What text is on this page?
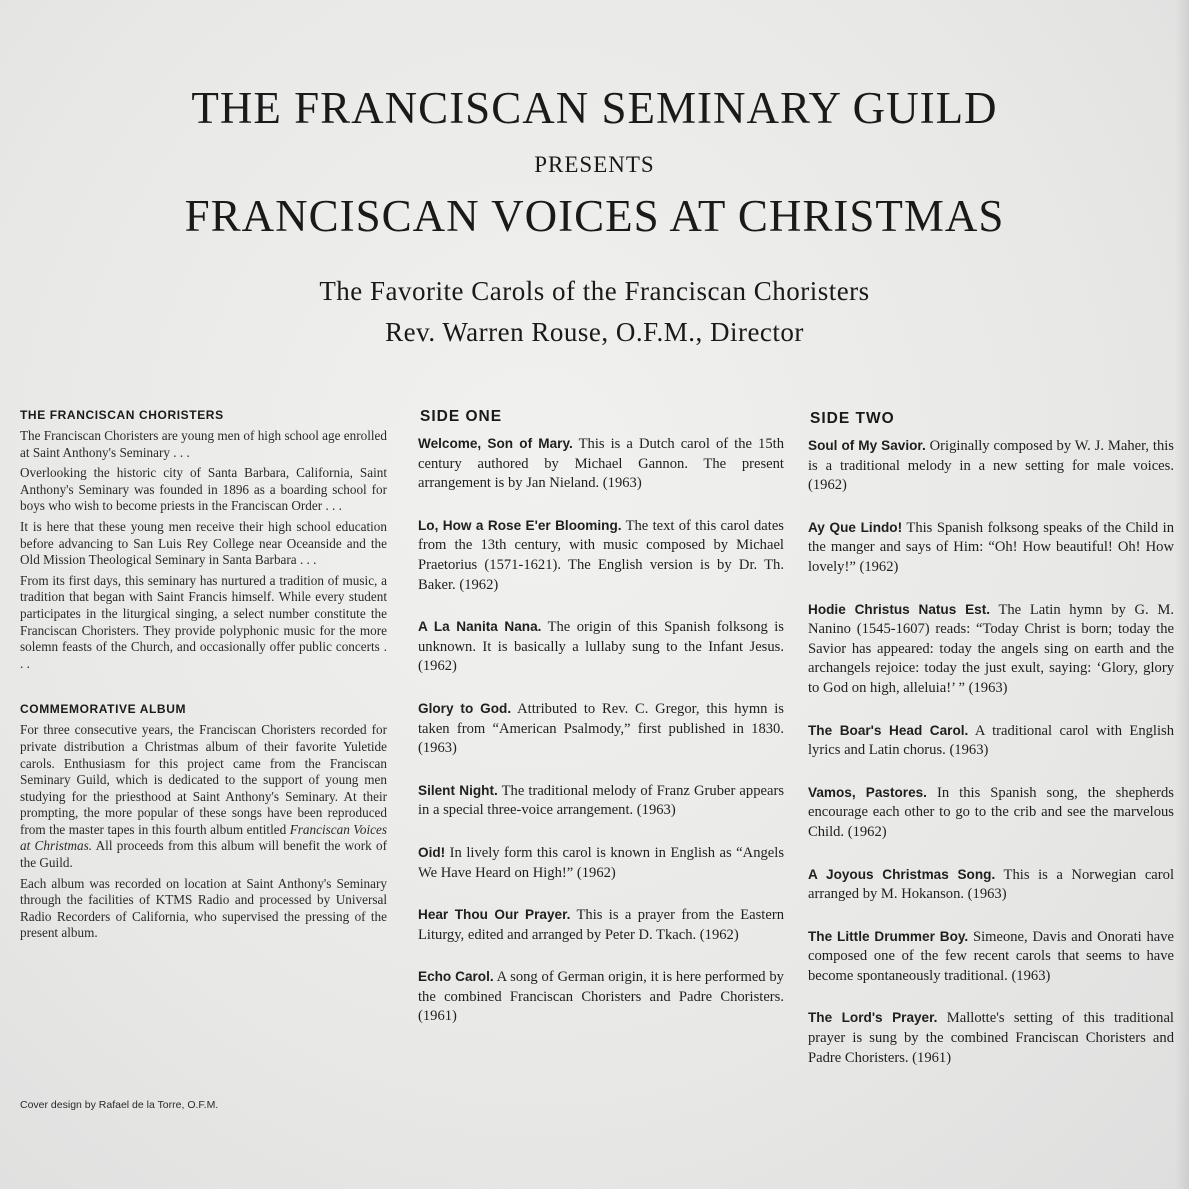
THE FRANCISCAN SEMINARY GUILD
PRESENTS
FRANCISCAN VOICES AT CHRISTMAS
The Favorite Carols of the Franciscan Choristers
Rev. Warren Rouse, O.F.M., Director
THE FRANCISCAN CHORISTERS

The Franciscan Choristers are young men of high school age enrolled at Saint Anthony's Seminary . . .

Overlooking the historic city of Santa Barbara, California, Saint Anthony's Seminary was founded in 1896 as a boarding school for boys who wish to become priests in the Franciscan Order . . .

It is here that these young men receive their high school education before advancing to San Luis Rey College near Oceanside and the Old Mission Theological Seminary in Santa Barbara . . .

From its first days, this seminary has nurtured a tradition of music, a tradition that began with Saint Francis himself. While every student participates in the liturgical singing, a select number constitute the Franciscan Choristers. They provide polyphonic music for the more solemn feasts of the Church, and occasionally offer public concerts . . .

COMMEMORATIVE ALBUM

For three consecutive years, the Franciscan Choristers recorded for private distribution a Christmas album of their favorite Yuletide carols. Enthusiasm for this project came from the Franciscan Seminary Guild, which is dedicated to the support of young men studying for the priesthood at Saint Anthony's Seminary. At their prompting, the more popular of these songs have been reproduced from the master tapes in this fourth album entitled Franciscan Voices at Christmas. All proceeds from this album will benefit the work of the Guild.

Each album was recorded on location at Saint Anthony's Seminary through the facilities of KTMS Radio and processed by Universal Radio Recorders of California, who supervised the pressing of the present album.

SIDE ONE

Welcome, Son of Mary. This is a Dutch carol of the 15th century authored by Michael Gannon. The present arrangement is by Jan Nieland. (1963)

Lo, How a Rose E'er Blooming. The text of this carol dates from the 13th century, with music composed by Michael Praetorius (1571-1621). The English version is by Dr. Th. Baker. (1962)

A La Nanita Nana. The origin of this Spanish folksong is unknown. It is basically a lullaby sung to the Infant Jesus. (1962)

Glory to God. Attributed to Rev. C. Gregor, this hymn is taken from “American Psalmody,” first published in 1830. (1963)

Silent Night. The traditional melody of Franz Gruber appears in a special three-voice arrangement. (1963)

Oid! In lively form this carol is known in English as “Angels We Have Heard on High!” (1962)

Hear Thou Our Prayer. This is a prayer from the Eastern Liturgy, edited and arranged by Peter D. Tkach. (1962)

Echo Carol. A song of German origin, it is here performed by the combined Franciscan Choristers and Padre Choristers. (1961)

SIDE TWO

Soul of My Savior. Originally composed by W. J. Maher, this is a traditional melody in a new setting for male voices. (1962)

Ay Que Lindo! This Spanish folksong speaks of the Child in the manger and says of Him: “Oh! How beautiful! Oh! How lovely!” (1962)

Hodie Christus Natus Est. The Latin hymn by G. M. Nanino (1545-1607) reads: “Today Christ is born; today the Savior has appeared: today the angels sing on earth and the archangels rejoice: today the just exult, saying: ‘Glory, glory to God on high, alleluia!’ ” (1963)

The Boar's Head Carol. A traditional carol with English lyrics and Latin chorus. (1963)

Vamos, Pastores. In this Spanish song, the shepherds encourage each other to go to the crib and see the marvelous Child. (1962)

A Joyous Christmas Song. This is a Norwegian carol arranged by M. Hokanson. (1963)

The Little Drummer Boy. Simeone, Davis and Onorati have composed one of the few recent carols that seems to have become spontaneously traditional. (1963)

The Lord's Prayer. Mallotte's setting of this traditional prayer is sung by the combined Franciscan Choristers and Padre Choristers. (1961)

Cover design by Rafael de la Torre, O.F.M.
